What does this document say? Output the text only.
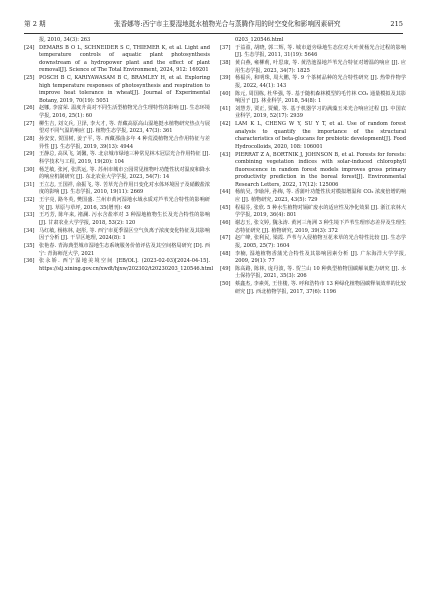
第 2 期	张香娜等:西宁市主要湿地挺水植物光合与蒸腾作用的时空变化和影响因素研究	215
报, 2010, 34(3): 263
[24] DEMARS B O L, SCHNEIDER S C, THIEMER K, et al. Light and temperature controls of aquatic plant photosynthesis downstream of a hydropower plant and the effect of plant removal[J]. Science of The Total Environment, 2024, 912: 169201
[25] POSCH B C, KARIYAWASAM B C, BRAMLEY H, et al. Exploring high temperature responses of photosynthesis and respiration to improve heat tolerance in wheat[J]. Journal of Experimental Botany, 2019, 70(19): 5051
[26] 赵娜, 李富荣. 温度升高对不同生活型植物光合生理特性的影响 [J]. 生态环境学报, 2016, 25(1): 60
[27] 柳生吉, 刘文兵, 卫泽, 李大才, 等. 青藏高原高山湿地挺水植物研究热点与展望对不同气温的响应 [J]. 植物生态学报, 2023, 47(3): 361
[28] 孙安安, 贺国树, 姜子平, 等. 西藏那曲多年 4 种荒漠植物光合作用特征与差异性 [J]. 生态学报, 2019, 39(13): 4944
[29] 王静总, 高凤飞, 刘馨, 等. 北京城市绿地三种常见林木冠层光合作用特征 [J]. 科学技术与工程, 2019, 19(20): 104
[30] 杨芝敏, 张河, 张洪运, 等. 苏州市城市公园常见植物叶功能性状对温度和降水的响应机制研究 [J]. 东北农业大学学报, 2023, 54(7): 14
[31] 王立志, 王国祥, 俞振飞, 等. 苦草光合作用日变化对水体环境因子及硝酸盐浓度的影响 [J]. 生态学报, 2010, 19(11): 2669
[32] 王宇亮, 路冬英, 樊国盛. 兰州市黄河湿地水域水质对芦苇光合特性的影响研究 [J]. 草原与草坪, 2016, 35(增刊): 49
[33] 王巧芳, 陈年来, 褚澜. 污水含盐率对 3 种湿地植物生长及光合特性的影响 [J]. 甘肃农业大学学报, 2018, 53(2): 120
[34] 马红敏, 杨栋林, 赵彤, 等. 西宁市夏季湿区空气负离子浓度变化特征及其影响因子分析 [J]. 干旱区地理, 2024(8): 1
[35] 张艳春. 青海典型城市湿地生态系统服务价值评估及其空间格局研究 [D]. 西宁: 青海师范大学, 2021
[36] 张永娇. 西宁湿地美境空间 [EB/OL]. (2023-02-03)[2024-04-15]. https://slj.xining.gov.cn/xwdt/hjxw/202302/t20230203_120546.html
0203_120546.html
[37] 于益盈, 胡晓, 郭二辉, 等. 城市道旁绿地生态位对大叶黄杨光合过程的影响 [J]. 生态学报, 2011, 31(19): 5646
[38] 黄白燕, 雍柳莉, 叶思康, 等. 黄浩池湿地芦苇光合特征对增温的响应 [J]. 应用生态学报, 2023, 34(7): 1825
[39] 杨福兵, 和明珠, 周大鹏, 等. 9 个茶树品种的光合特性研究 [J]. 热带作物学报, 2022, 44(1): 143
[40] 陈元, 周国栋, 杜华强, 等. 基于随机森林模型的毛竹林 CO₂ 通量模拟及其影响因子 [J]. 林业科学, 2018, 54(8): 1
[41] 刘慧芳, 贾正, 贾戴, 等. 基于机器学习的满藻玉米光合响应过程 [J]. 中国农业科学, 2019, 52(17): 2939
[42] LAM K L, CHENG W Y, SU Y T, et al. Use of random forest analysis to quantify the importance of the structural characteristics of beta-glucans for prebiotic development[J]. Food Hydrocolloids, 2020, 108: 106001
[43] PIERRAT Z A, BORTNIK J, JOHNSON B, et al. Forests for forests: combining vegetation indices with solar-induced chlorophyll fluorescence in random forest models improves gross primary productivity prediction in the boreal forest[J]. Environmental Research Letters, 2022, 17(12): 125006
[44] 杨航吴, 李瑜萍, 孙梅, 等. 香蒲叶功能性状对模拟增温和 CO₂ 浓度倍增的响应 [J]. 植物研究, 2023, 43(5): 729
[45] 程福芬, 张欣. 5 种水生植物对镉矿废水的适应性及净化效果 [J]. 浙江农林大学学报, 2019, 36(4): 801
[46] 谢志玉, 张文婷, 魏永涛. 黄河三角洲 3 种生境下芦苇生理形态差异及生理生态特征研究 [J]. 植物研究, 2019, 39(3): 372
[47] 赵广峰, 张利民, 梁霞. 芦苇与入侵植物互花米草的光合特性比较 [J]. 生态学报, 2005, 25(7): 1604
[48] 李楠, 湿地植物香蒲光合特性及其影响因素分析 [J]. 广东海洋大学学报, 2009, 29(1): 77
[49] 陈高路, 陈林, 庞丹波, 等. 贺兰山 10 种典型植物国碳解氧能力研究 [J]. 水土保持学报, 2021, 35(3): 206
[50] 蔡鑫杰, 李素英, 王佳楼, 等. 呼和浩特市 13 种绿化植物固碳释氧效率的比较研究 [J]. 西北植物学报, 2017, 37(6): 1196
